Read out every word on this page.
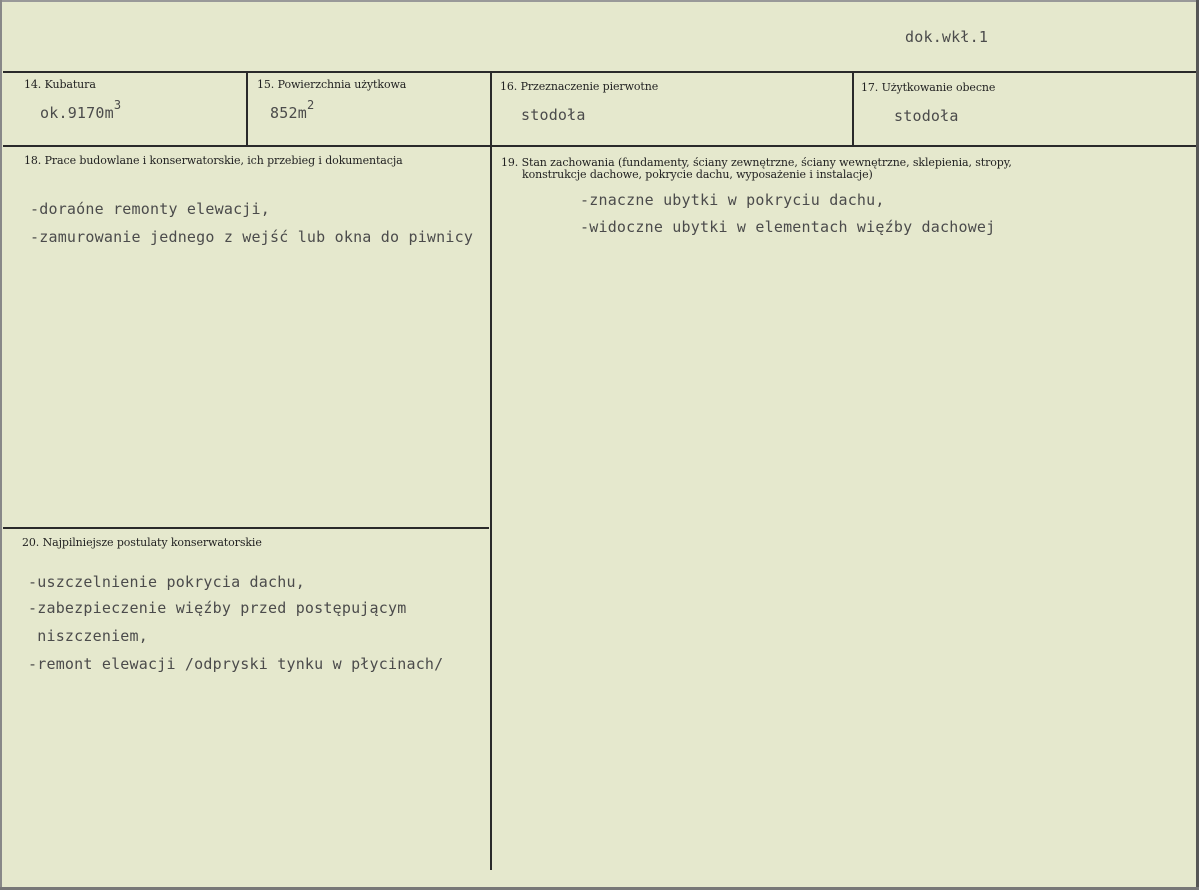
dok.wkł.1
14. Kubatura
$ok.9170m^3$
15. Powierzchnia użytkowa
$852m^2$
16. Przeznaczenie pierwotne
stodoła
17. Użytkowanie obecne
stodoła
18. Prace budowlane i konserwatorskie, ich przebieg i dokumentacja
-doraóne remonty elewacji,
-zamurowanie jednego z wejść lub okna do piwnicy
19. Stan zachowania (fundamenty, ściany zewnętrzne, ściany wewnętrzne, sklepienia, stropy,
konstrukcje dachowe, pokrycie dachu, wyposażenie i instalacje)
-znaczne ubytki w pokryciu dachu,
-widoczne ubytki w elementach więźby dachowej
20. Najpilniejsze postulaty konserwatorskie
-uszczelnienie pokrycia dachu,
-zabezpieczenie więźby przed postępującym
niszczeniem,
-remont elewacji /odpryski tynku w płycinach/
